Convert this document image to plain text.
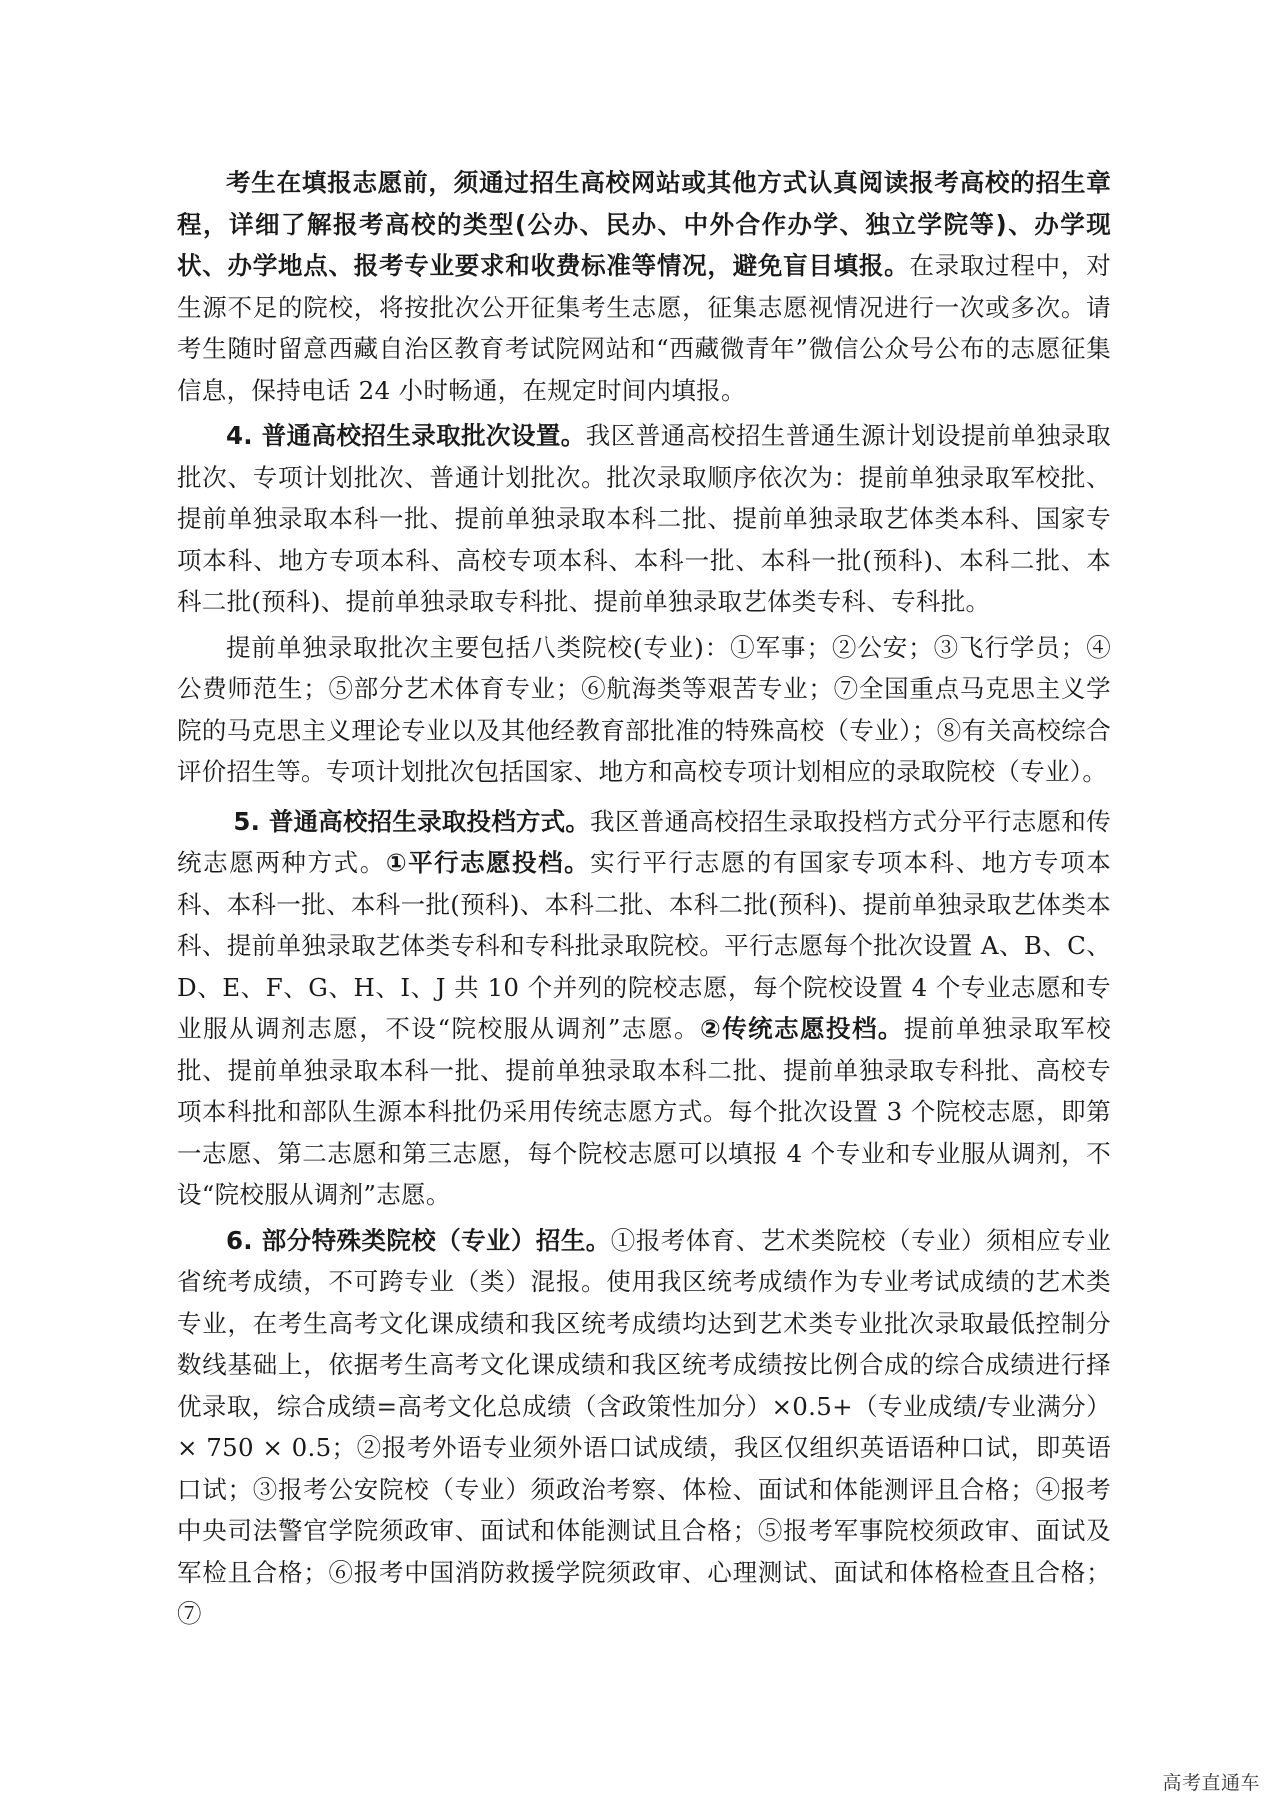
考生在填报志愿前，须通过招生高校网站或其他方式认真阅读报考高校的招生章程，详细了解报考高校的类型(公办、民办、中外合作办学、独立学院等)、办学现状、办学地点、报考专业要求和收费标准等情况，避免盲目填报。在录取过程中，对生源不足的院校，将按批次公开征集考生志愿，征集志愿视情况进行一次或多次。请考生随时留意西藏自治区教育考试院网站和“西藏微青年”微信公众号公布的志愿征集信息，保持电话 24 小时畅通，在规定时间内填报。

4. 普通高校招生录取批次设置。我区普通高校招生普通生源计划设提前单独录取批次、专项计划批次、普通计划批次。批次录取顺序依次为：提前单独录取军校批、提前单独录取本科一批、提前单独录取本科二批、提前单独录取艺体类本科、国家专项本科、地方专项本科、高校专项本科、本科一批、本科一批(预科)、本科二批、本科二批(预科)、提前单独录取专科批、提前单独录取艺体类专科、专科批。

提前单独录取批次主要包括八类院校(专业)：①军事；②公安；③飞行学员；④公费师范生；⑤部分艺术体育专业；⑥航海类等艰苦专业；⑦全国重点马克思主义学院的马克思主义理论专业以及其他经教育部批准的特殊高校（专业）；⑧有关高校综合评价招生等。专项计划批次包括国家、地方和高校专项计划相应的录取院校（专业）。

5. 普通高校招生录取投档方式。我区普通高校招生录取投档方式分平行志愿和传统志愿两种方式。①平行志愿投档。实行平行志愿的有国家专项本科、地方专项本科、本科一批、本科一批(预科)、本科二批、本科二批(预科)、提前单独录取艺体类本科、提前单独录取艺体类专科和专科批录取院校。平行志愿每个批次设置 A、B、C、D、E、F、G、H、I、J 共 10 个并列的院校志愿，每个院校设置 4 个专业志愿和专业服从调剂志愿，不设“院校服从调剂”志愿。②传统志愿投档。提前单独录取军校批、提前单独录取本科一批、提前单独录取本科二批、提前单独录取专科批、高校专项本科批和部队生源本科批仍采用传统志愿方式。每个批次设置 3 个院校志愿，即第一志愿、第二志愿和第三志愿，每个院校志愿可以填报 4 个专业和专业服从调剂，不设“院校服从调剂”志愿。

6. 部分特殊类院校（专业）招生。①报考体育、艺术类院校（专业）须相应专业省统考成绩，不可跨专业（类）混报。使用我区统考成绩作为专业考试成绩的艺术类专业，在考生高考文化课成绩和我区统考成绩均达到艺术类专业批次录取最低控制分数线基础上，依据考生高考文化课成绩和我区统考成绩按比例合成的综合成绩进行择优录取，综合成绩=高考文化总成绩（含政策性加分）×0.5+（专业成绩/专业满分）× 750 × 0.5；②报考外语专业须外语口试成绩，我区仅组织英语语种口试，即英语口试；③报考公安院校（专业）须政治考察、体检、面试和体能测评且合格；④报考中央司法警官学院须政审、面试和体能测试且合格；⑤报考军事院校须政审、面试及军检且合格；⑥报考中国消防救援学院须政审、心理测试、面试和体格检查且合格；⑦

高考直通车
